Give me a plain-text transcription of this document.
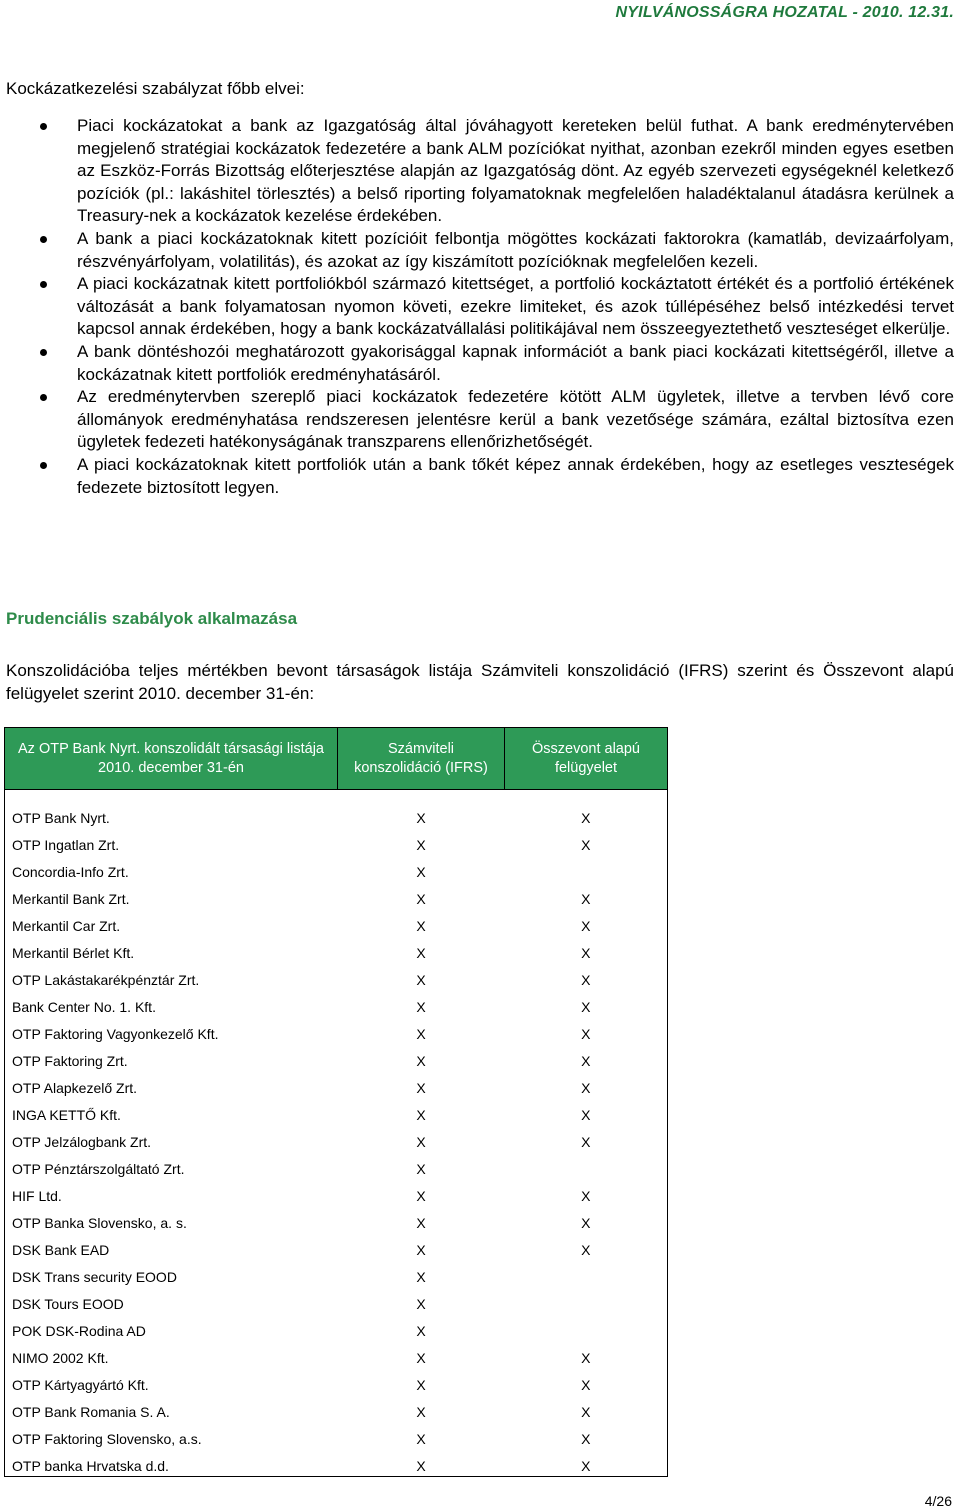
NYILVÁNOSSÁGRA HOZATAL - 2010. 12.31.
Kockázatkezelési szabályzat főbb elvei:
Piaci kockázatokat a bank az Igazgatóság által jóváhagyott kereteken belül futhat. A bank eredménytervében megjelenő stratégiai kockázatok fedezetére a bank ALM pozíciókat nyithat, azonban ezekről minden egyes esetben az Eszköz-Forrás Bizottság előterjesztése alapján az Igazgatóság dönt. Az egyéb szervezeti egységeknél keletkező pozíciók (pl.: lakáshitel törlesztés) a belső riporting folyamatoknak megfelelően haladéktalanul átadásra kerülnek a Treasury-nek a kockázatok kezelése érdekében.
A bank a piaci kockázatoknak kitett pozícióit felbontja mögöttes kockázati faktorokra (kamatláb, devizaárfolyam, részvényárfolyam, volatilitás), és azokat az így kiszámított pozícióknak megfelelően kezeli.
A piaci kockázatnak kitett portfoliókból származó kitettséget, a portfolió kockáztatott értékét és a portfolió értékének változását a bank folyamatosan nyomon követi, ezekre limiteket, és azok túllépéséhez belső intézkedési tervet kapcsol annak érdekében, hogy a bank kockázatvállalási politikájával nem összeegyeztethető veszteséget elkerülje.
A bank döntéshozói meghatározott gyakorisággal kapnak információt a bank piaci kockázati kitettségéről, illetve a kockázatnak kitett portfoliók eredményhatásáról.
Az eredménytervben szereplő piaci kockázatok fedezetére kötött ALM ügyletek, illetve a tervben lévő core állományok eredményhatása rendszeresen jelentésre kerül a bank vezetősége számára, ezáltal biztosítva ezen ügyletek fedezeti hatékonyságának transzparens ellenőrizhetőségét.
A piaci kockázatoknak kitett portfoliók után a bank tőkét képez annak érdekében, hogy az esetleges veszteségek fedezete biztosított legyen.
Prudenciális szabályok alkalmazása
Konszolidációba teljes mértékben bevont társaságok listája Számviteli konszolidáció (IFRS) szerint és Összevont alapú felügyelet szerint 2010. december 31-én:
Az OTP Bank Nyrt. konszolidált társasági listája 2010. december 31-én	Számviteli konszolidáció (IFRS)	Összevont alapú felügyelet

OTP Bank Nyrt.	X	X
OTP Ingatlan Zrt.	X	X
Concordia-Info Zrt.	X	
Merkantil Bank Zrt.	X	X
Merkantil Car Zrt.	X	X
Merkantil Bérlet Kft.	X	X
OTP Lakástakarékpénztár Zrt.	X	X
Bank Center No. 1. Kft.	X	X
OTP Faktoring Vagyonkezelő Kft.	X	X
OTP Faktoring Zrt.	X	X
OTP Alapkezelő Zrt.	X	X
INGA KETTŐ Kft.	X	X
OTP Jelzálogbank Zrt.	X	X
OTP Pénztárszolgáltató Zrt.	X	
HIF Ltd.	X	X
OTP Banka Slovensko, a. s.	X	X
DSK Bank EAD	X	X
DSK Trans security EOOD	X	
DSK Tours EOOD	X	
POK DSK-Rodina AD	X	
NIMO 2002 Kft.	X	X
OTP Kártyagyártó Kft.	X	X
OTP Bank Romania S. A.	X	X
OTP Faktoring Slovensko, a.s.	X	X
OTP banka Hrvatska d.d.	X	X
4/26
